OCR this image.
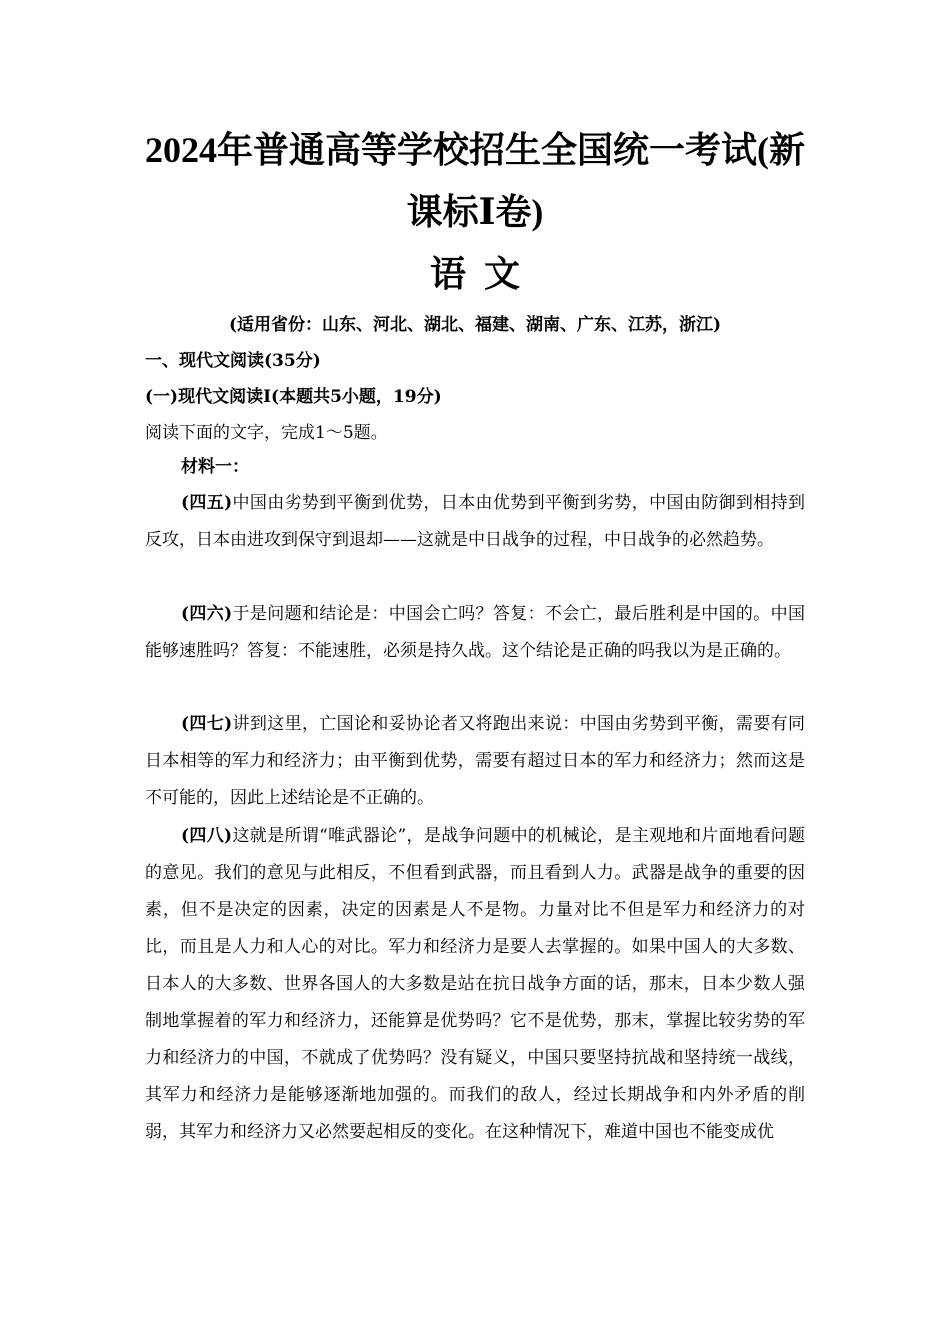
2024年普通高等学校招生全国统一考试(新
课标Ⅰ卷)
语文
(适用省份：山东、河北、湖北、福建、湖南、广东、江苏，浙江)
一、现代文阅读(35分)
(一)现代文阅读Ⅰ(本题共5小题，19分)
阅读下面的文字，完成1～5题。
材料一：

(四五)中国由劣势到平衡到优势，日本由优势到平衡到劣势，中国由防御到相持到反攻，日本由进攻到保守到退却——这就是中日战争的过程，中日战争的必然趋势。

(四六)于是问题和结论是：中国会亡吗？答复：不会亡，最后胜利是中国的。中国能够速胜吗？答复：不能速胜，必须是持久战。这个结论是正确的吗我以为是正确的。

(四七)讲到这里，亡国论和妥协论者又将跑出来说：中国由劣势到平衡，需要有同日本相等的军力和经济力；由平衡到优势，需要有超过日本的军力和经济力；然而这是不可能的，因此上述结论是不正确的。

(四八)这就是所谓“唯武器论”，是战争问题中的机械论，是主观地和片面地看问题的意见。我们的意见与此相反，不但看到武器，而且看到人力。武器是战争的重要的因素，但不是决定的因素，决定的因素是人不是物。力量对比不但是军力和经济力的对比，而且是人力和人心的对比。军力和经济力是要人去掌握的。如果中国人的大多数、日本人的大多数、世界各国人的大多数是站在抗日战争方面的话，那末，日本少数人强制地掌握着的军力和经济力，还能算是优势吗？它不是优势，那末，掌握比较劣势的军力和经济力的中国，不就成了优势吗？没有疑义，中国只要坚持抗战和坚持统一战线，其军力和经济力是能够逐渐地加强的。而我们的敌人，经过长期战争和内外矛盾的削弱，其军力和经济力又必然要起相反的变化。在这种情况下，难道中国也不能变成优
